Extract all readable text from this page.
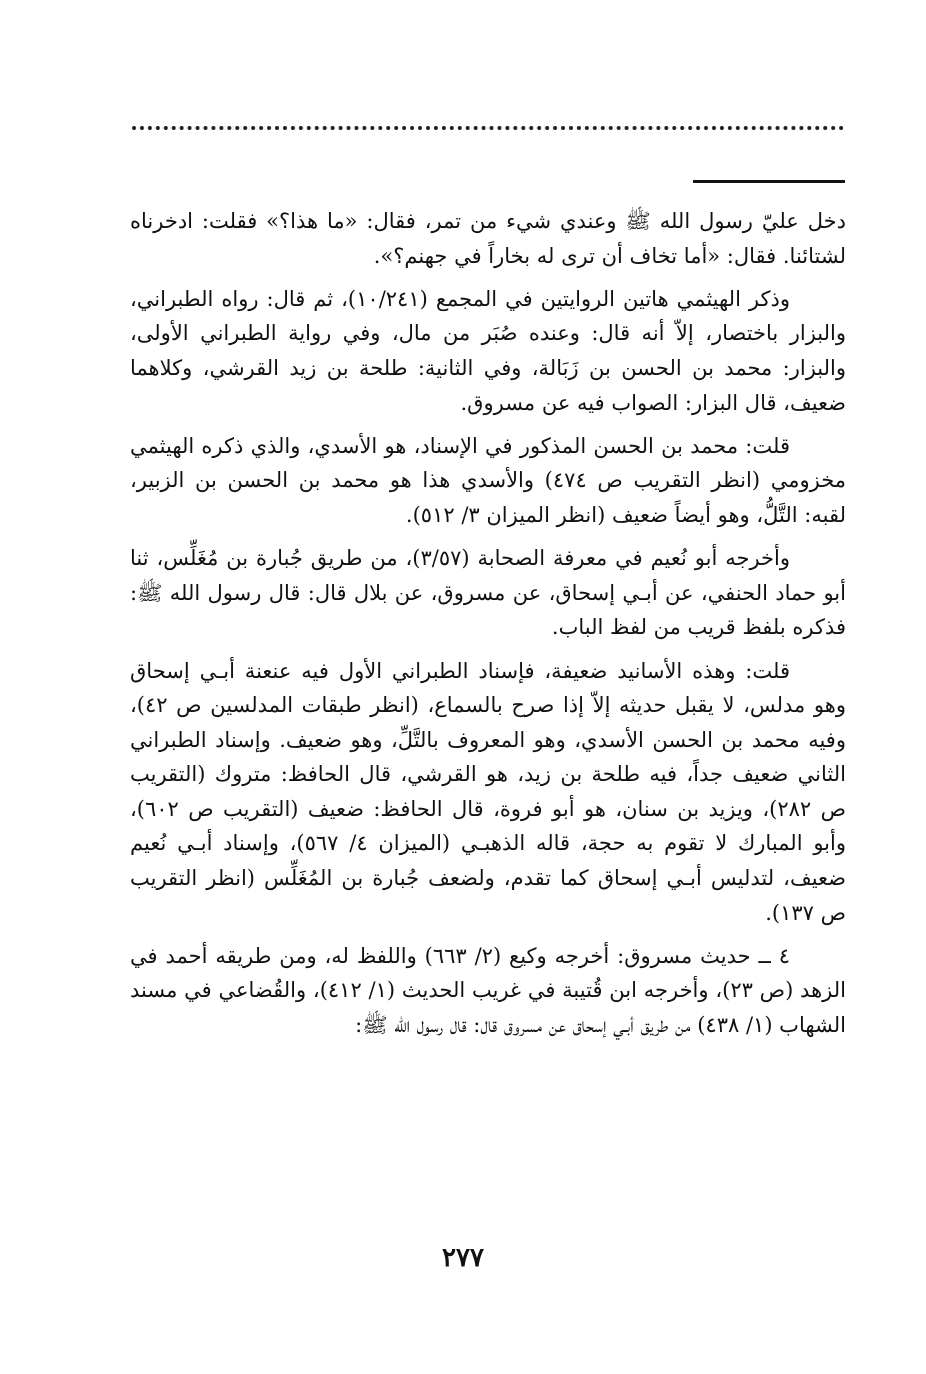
دخل عليّ رسول الله ﷺ وعندي شيء من تمر، فقال: «ما هذا؟» فقلت: ادخرناه لشتائنا. فقال: «أما تخاف أن ترى له بخاراً في جهنم؟».

وذكر الهيثمي هاتين الروايتين في المجمع (١٠/٢٤١)، ثم قال: رواه الطبراني، والبزار باختصار، إلاّ أنه قال: وعنده صُبَر من مال، وفي رواية الطبراني الأولى، والبزار: محمد بن الحسن بن زَبَالة، وفي الثانية: طلحة بن زيد القرشي، وكلاهما ضعيف، قال البزار: الصواب فيه عن مسروق.

قلت: محمد بن الحسن المذكور في الإسناد، هو الأسدي، والذي ذكره الهيثمي مخزومي (انظر التقريب ص ٤٧٤) والأسدي هذا هو محمد بن الحسن بن الزبير، لقبه: التَّلُّ، وهو أيضاً ضعيف (انظر الميزان ٣/ ٥١٢).

وأخرجه أبو نُعيم في معرفة الصحابة (٣/٥٧)، من طريق جُبارة بن مُغَلِّس، ثنا أبو حماد الحنفي، عن أبـي إسحاق، عن مسروق، عن بلال قال: قال رسول الله ﷺ: فذكره بلفظ قريب من لفظ الباب.

قلت: وهذه الأسانيد ضعيفة، فإسناد الطبراني الأول فيه عنعنة أبـي إسحاق وهو مدلس، لا يقبل حديثه إلاّ إذا صرح بالسماع، (انظر طبقات المدلسين ص ٤٢)، وفيه محمد بن الحسن الأسدي، وهو المعروف بالتَّلِّ، وهو ضعيف. وإسناد الطبراني الثاني ضعيف جداً، فيه طلحة بن زيد، هو القرشي، قال الحافظ: متروك (التقريب ص ٢٨٢)، ويزيد بن سنان، هو أبو فروة، قال الحافظ: ضعيف (التقريب ص ٦٠٢)، وأبو المبارك لا تقوم به حجة، قاله الذهبـي (الميزان ٤/ ٥٦٧)، وإسناد أبـي نُعيم ضعيف، لتدليس أبـي إسحاق كما تقدم، ولضعف جُبارة بن المُغَلِّس (انظر التقريب ص ١٣٧).

٤ ــ حديث مسروق: أخرجه وكيع (٢/ ٦٦٣) واللفظ له، ومن طريقه أحمد في الزهد (ص ٢٣)، وأخرجه ابن قُتيبة في غريب الحديث (١/ ٤١٢)، والقُضاعي في مسند الشهاب (١/ ٤٣٨) من طريق أبـي إسحاق عن مسروق قال: قال رسول الله ﷺ:

٢٧٧
